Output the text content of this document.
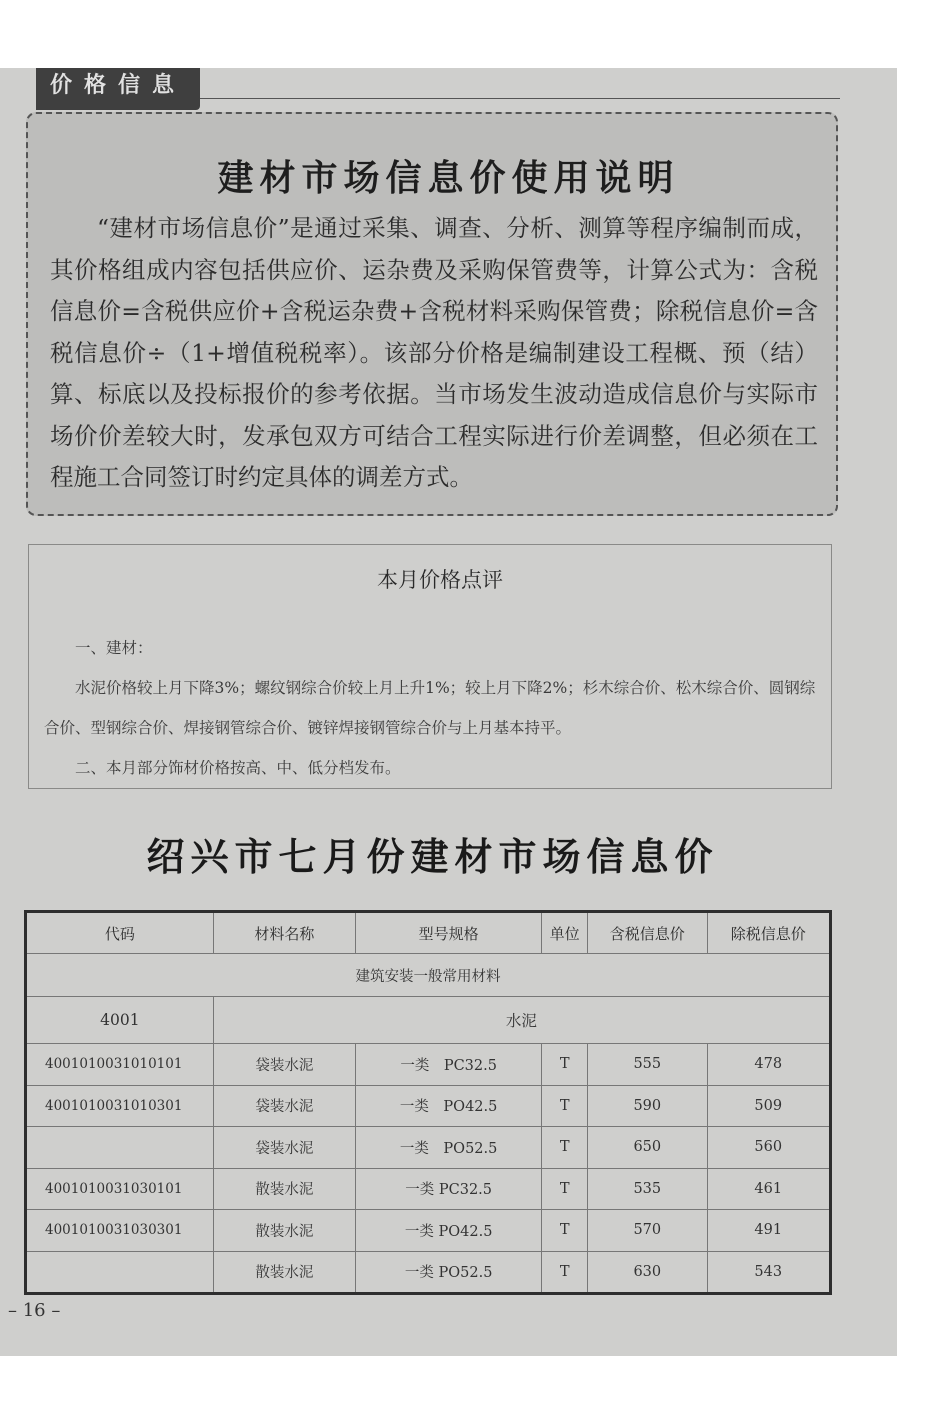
价格信息
建材市场信息价使用说明

“建材市场信息价”是通过采集、调查、分析、测算等程序编制而成，其价格组成内容包括供应价、运杂费及采购保管费等，计算公式为：含税信息价=含税供应价+含税运杂费+含税材料采购保管费；除税信息价=含税信息价÷（1+增值税税率）。该部分价格是编制建设工程概、预（结）算、标底以及投标报价的参考依据。当市场发生波动造成信息价与实际市场价价差较大时，发承包双方可结合工程实际进行价差调整，但必须在工程施工合同签订时约定具体的调差方式。

本月价格点评

一、建材：

水泥价格较上月下降3%；螺纹钢综合价较上月上升1%；较上月下降2%；杉木综合价、松木综合价、圆钢综合价、型钢综合价、焊接钢管综合价、镀锌焊接钢管综合价与上月基本持平。

二、本月部分饰材价格按高、中、低分档发布。

绍兴市七月份建材市场信息价
代码	材料名称	型号规格	单位	含税信息价	除税信息价
建筑安装一般常用材料					
4001	水泥				
4001010031010101	袋装水泥	一类　PC32.5	T	555	478
4001010031010301	袋装水泥	一类　PO42.5	T	590	509
	袋装水泥	一类　PO52.5	T	650	560
4001010031030101	散装水泥	一类 PC32.5	T	535	461
4001010031030301	散装水泥	一类 PO42.5	T	570	491
	散装水泥	一类 PO52.5	T	630	543
– 16 –
